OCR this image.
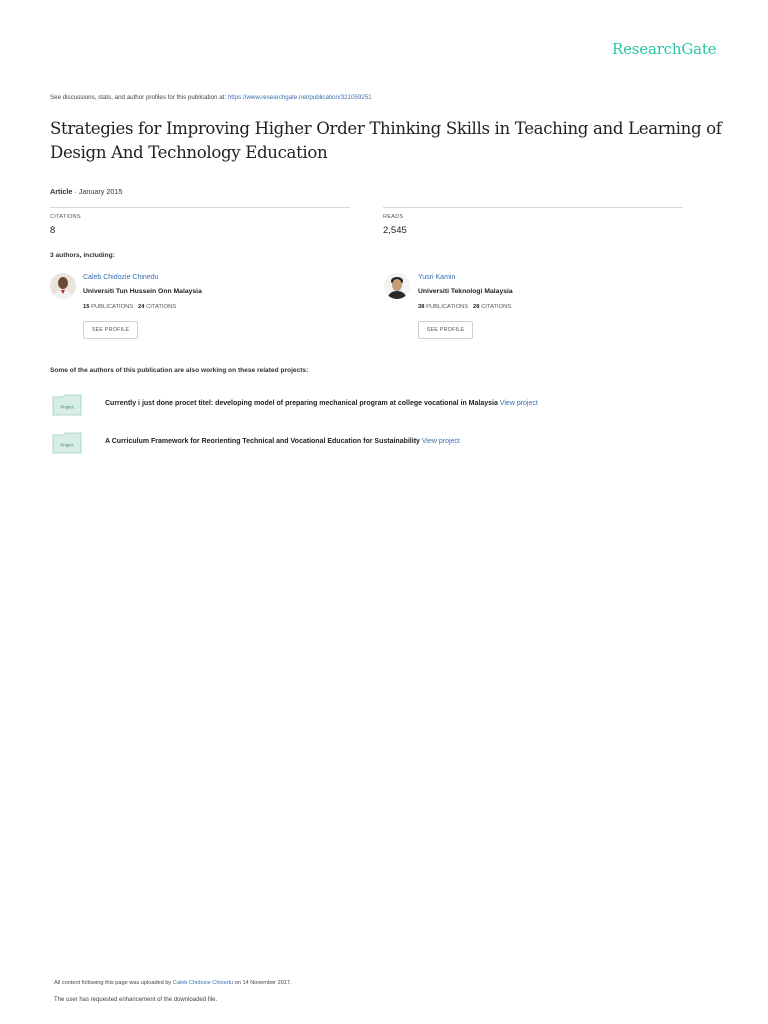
ResearchGate
See discussions, stats, and author profiles for this publication at: https://www.researchgate.net/publication/321059251
Strategies for Improving Higher Order Thinking Skills in Teaching and Learning of Design And Technology Education
Article · January 2015
CITATIONS
8
READS
2,545
3 authors, including:
Caleb Chidozie Chinedu
Universiti Tun Hussein Onn Malaysia
15 PUBLICATIONS 24 CITATIONS
SEE PROFILE
Yusri Kamin
Universiti Teknologi Malaysia
38 PUBLICATIONS 28 CITATIONS
SEE PROFILE
Some of the authors of this publication are also working on these related projects:
Project	Currently i just done procet titel: developing model of preparing mechanical program at college vocational in Malaysia View project
Project	A Curriculum Framework for Reorienting Technical and Vocational Education for Sustainability View project
All content following this page was uploaded by Caleb Chidozie Chinedu on 14 November 2017.
The user has requested enhancement of the downloaded file.
